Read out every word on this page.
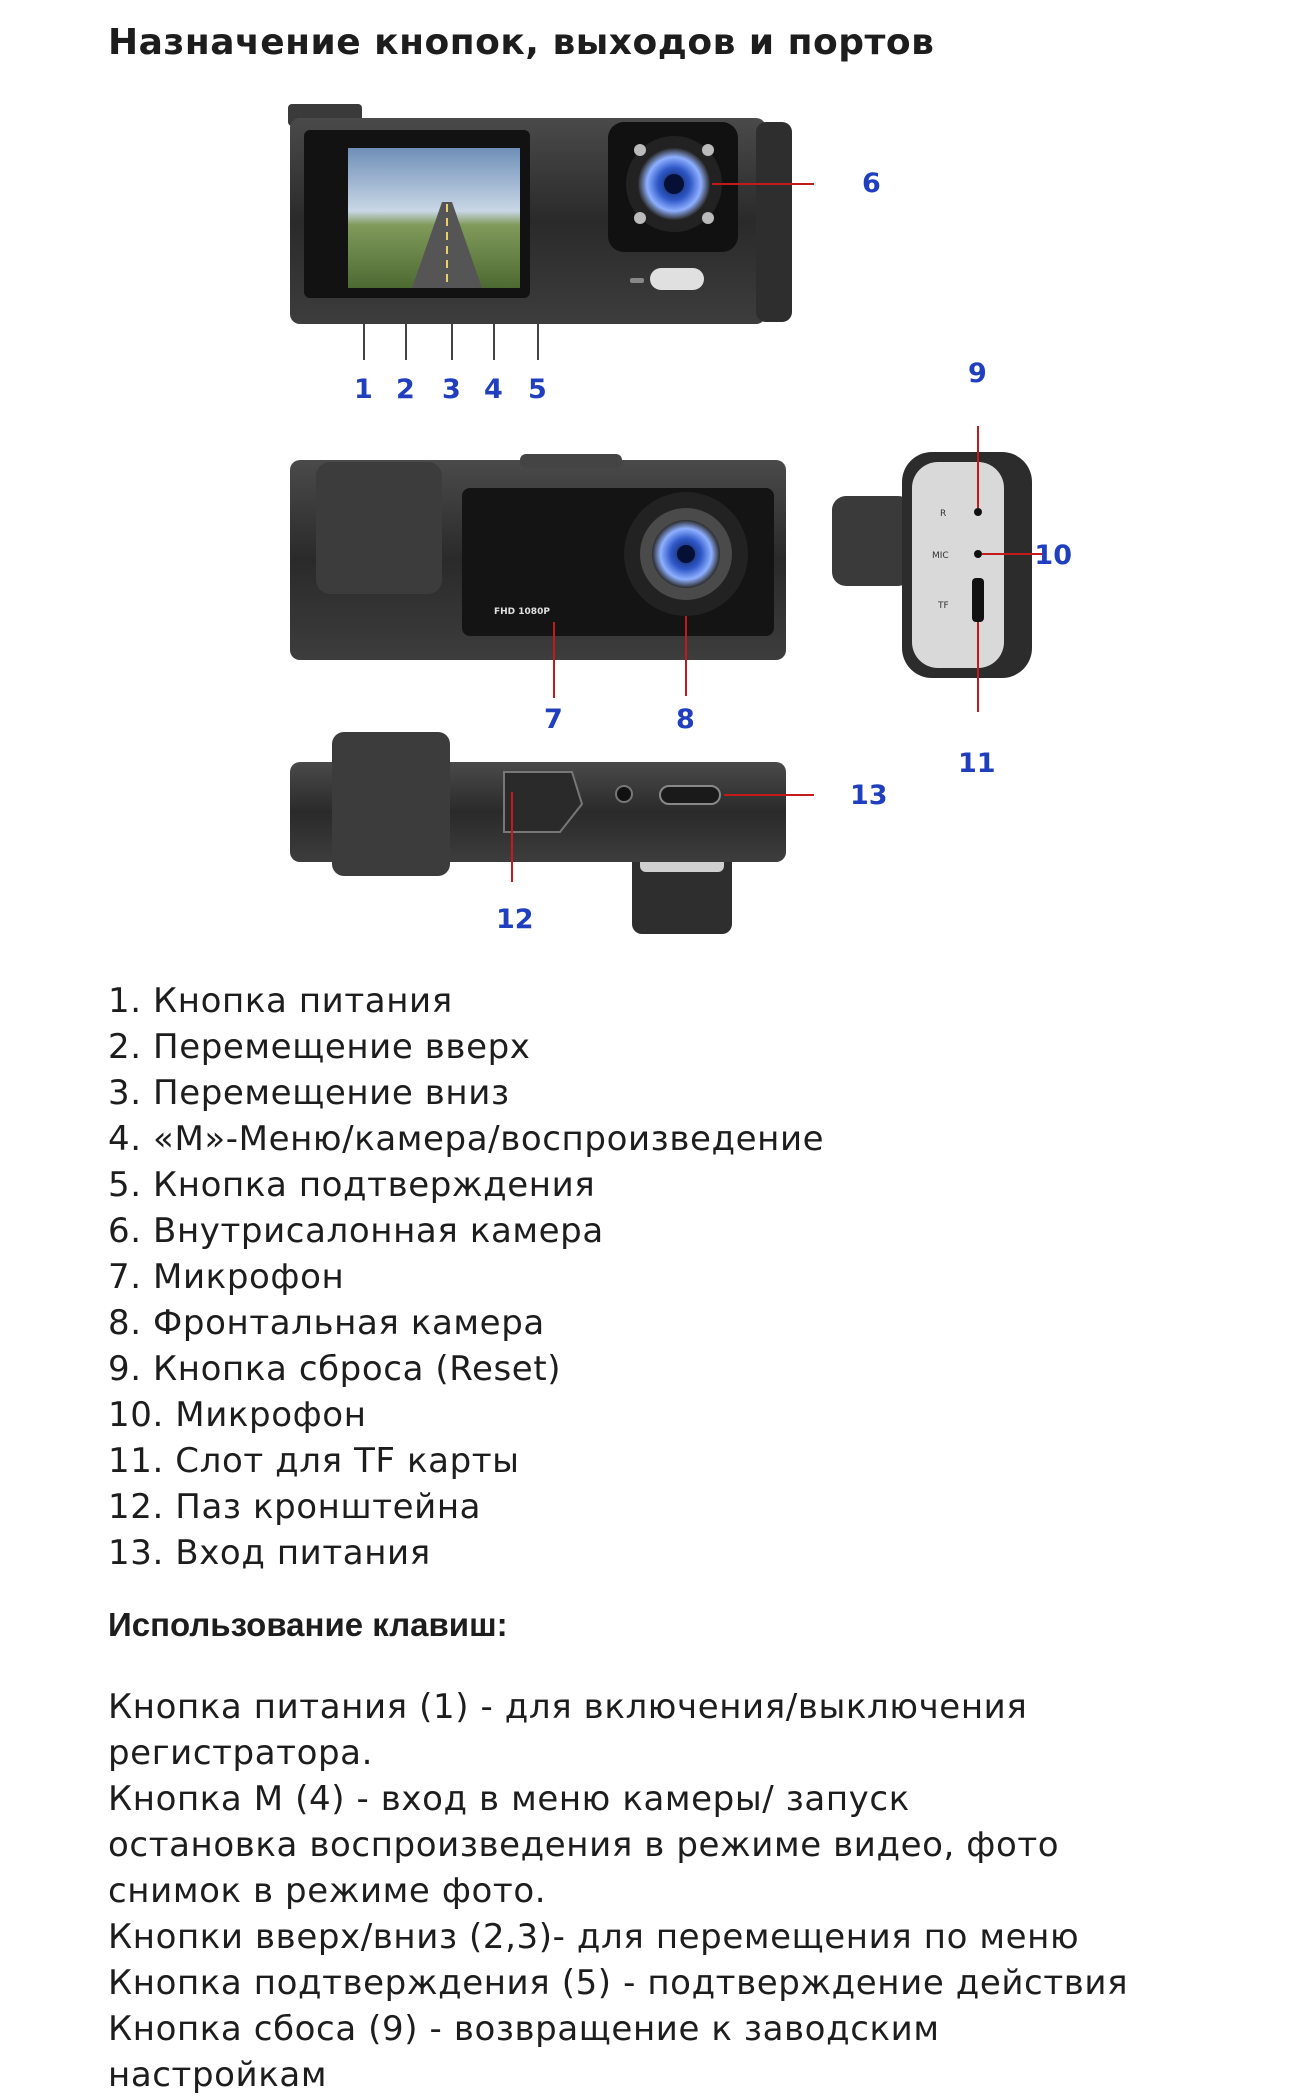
Назначение кнопок, выходов и портов
FHD 1080P
R
MIC
TF
1 2 3 4 5
6
7	8
9
10
11
12
13
1. Кнопка питания
2. Перемещение вверх
3. Перемещение вниз
4. «М»-Меню/камера/воспроизведение
5. Кнопка подтверждения
6. Внутрисалонная камера
7. Микрофон
8. Фронтальная камера
9. Кнопка сброса (Reset)
10. Микрофон
11. Слот для TF карты
12. Паз кронштейна
13. Вход питания
Использование клавиш:

Кнопка питания (1) - для включения/выключения

регистратора.

Кнопка М (4) - вход в меню камеры/ запуск

остановка воспроизведения в режиме видео, фото

снимок в режиме фото.

Кнопки вверх/вниз (2,3)- для перемещения по меню

Кнопка подтверждения (5) - подтверждение действия

Кнопка сбоса (9) - возвращение к заводским

настройкам
